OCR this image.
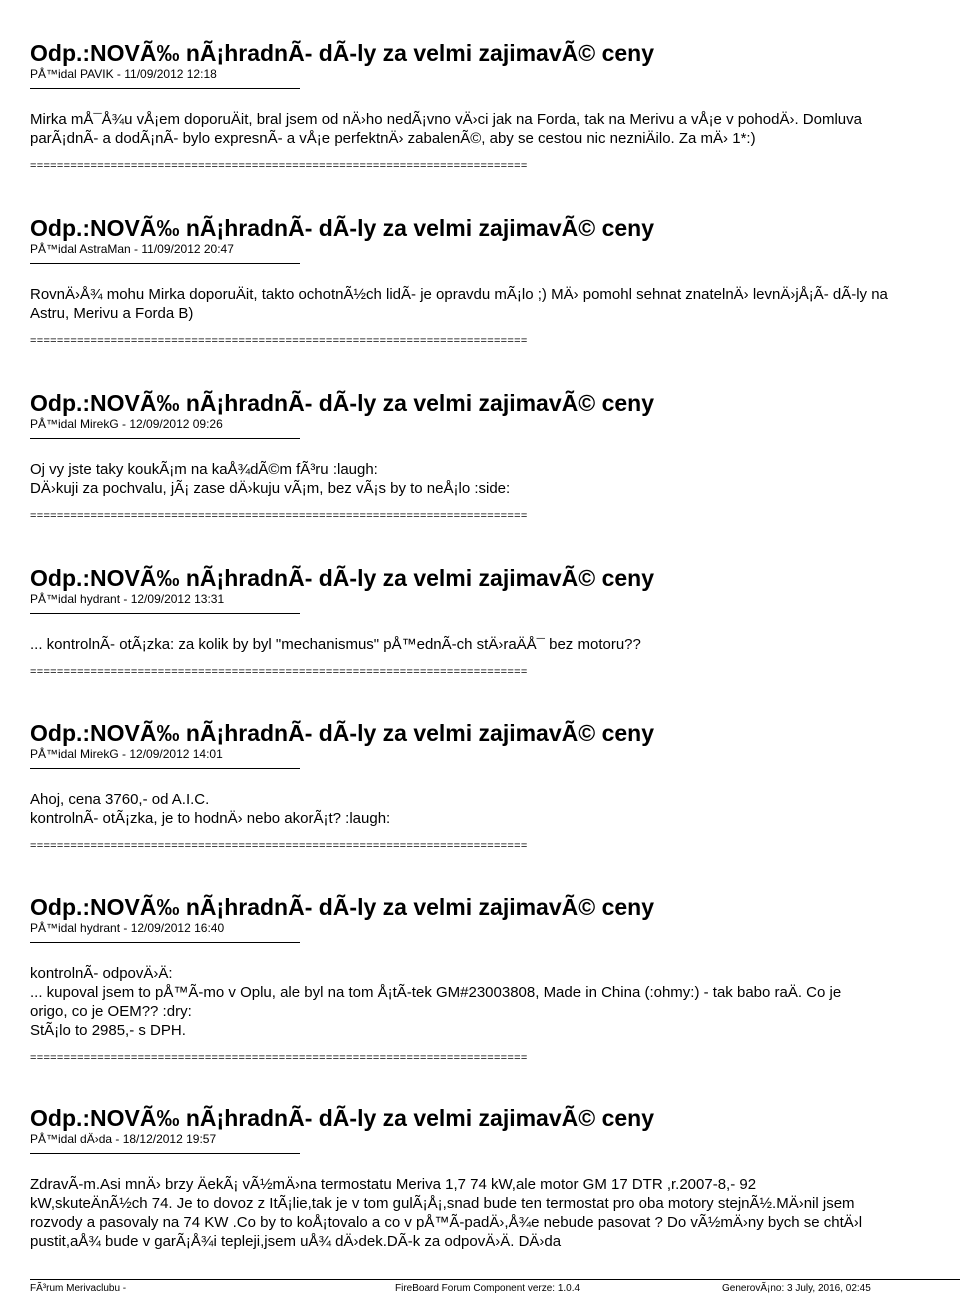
Odp.:NOVÃ‰ nÃ¡hradnÃ- dÃ-ly za velmi zajimavÃ© ceny
PÅ™idal PAVIK - 11/09/2012 12:18
Mirka mÅ¯Å¾u vÅ¡em doporuÄit, bral jsem od nÄ›ho nedÃ¡vno vÄ›ci jak na Forda, tak na Merivu a vÅ¡e v pohodÄ›. Domluva
parÃ¡dnÃ- a dodÃ¡nÃ- bylo expresnÃ- a vÅ¡e perfektnÄ› zabalenÃ©, aby se cestou nic nezniÄilo. Za mÄ› 1*:)
==========================================================================
Odp.:NOVÃ‰ nÃ¡hradnÃ- dÃ-ly za velmi zajimavÃ© ceny
PÅ™idal AstraMan - 11/09/2012 20:47
RovnÄ›Å¾ mohu Mirka doporuÄit, takto ochotnÃ½ch lidÃ- je opravdu mÃ¡lo ;) MÄ› pomohl sehnat znatelnÄ› levnÄ›jÅ¡Ã- dÃ-ly na
Astru, Merivu a Forda B)
==========================================================================
Odp.:NOVÃ‰ nÃ¡hradnÃ- dÃ-ly za velmi zajimavÃ© ceny
PÅ™idal MirekG - 12/09/2012 09:26
Oj vy jste taky koukÃ¡m na kaÅ¾dÃ©m fÃ³ru :laugh:
DÄ›kuji za pochvalu, jÃ¡ zase dÄ›kuju vÃ¡m, bez vÃ¡s by to neÅ¡lo :side:
==========================================================================
Odp.:NOVÃ‰ nÃ¡hradnÃ- dÃ-ly za velmi zajimavÃ© ceny
PÅ™idal hydrant - 12/09/2012 13:31
... kontrolnÃ- otÃ¡zka: za kolik by byl "mechanismus" pÅ™ednÃ-ch stÄ›raÄÅ¯ bez motoru??
==========================================================================
Odp.:NOVÃ‰ nÃ¡hradnÃ- dÃ-ly za velmi zajimavÃ© ceny
PÅ™idal MirekG - 12/09/2012 14:01
Ahoj, cena 3760,- od A.I.C.
kontrolnÃ- otÃ¡zka, je to hodnÄ› nebo akorÃ¡t? :laugh:
==========================================================================
Odp.:NOVÃ‰ nÃ¡hradnÃ- dÃ-ly za velmi zajimavÃ© ceny
PÅ™idal hydrant - 12/09/2012 16:40
kontrolnÃ- odpovÄ›Ä:
... kupoval jsem to pÅ™Ã-mo v Oplu, ale byl na tom Å¡tÃ-tek GM#23003808, Made in China (:ohmy:) - tak babo raÄ. Co je
origo, co je OEM?? :dry:
StÃ¡lo to 2985,- s DPH.
==========================================================================
Odp.:NOVÃ‰ nÃ¡hradnÃ- dÃ-ly za velmi zajimavÃ© ceny
PÅ™idal dÄ›da - 18/12/2012 19:57
ZdravÃ-m.Asi mnÄ› brzy ÄekÃ¡ vÃ½mÄ›na termostatu Meriva 1,7 74 kW,ale motor GM 17 DTR ,r.2007-8,- 92
kW,skuteÄnÃ½ch 74. Je to dovoz z ItÃ¡lie,tak je v tom gulÃ¡Å¡,snad bude ten termostat pro oba motory stejnÃ½.MÄ›nil jsem
rozvody a pasovaly na 74 KW .Co by to koÅ¡tovalo a co v pÅ™Ã-padÄ›,Å¾e nebude pasovat ? Do vÃ½mÄ›ny bych se chtÄ›l
pustit,aÅ¾ bude v garÃ¡Å¾i tepleji,jsem uÅ¾ dÄ›dek.DÃ-k za odpovÄ›Ä. DÄ›da
FÃ³rum Merivaclubu -	FireBoard Forum Component verze: 1.0.4	GenerovÃ¡no: 3 July, 2016, 02:45
